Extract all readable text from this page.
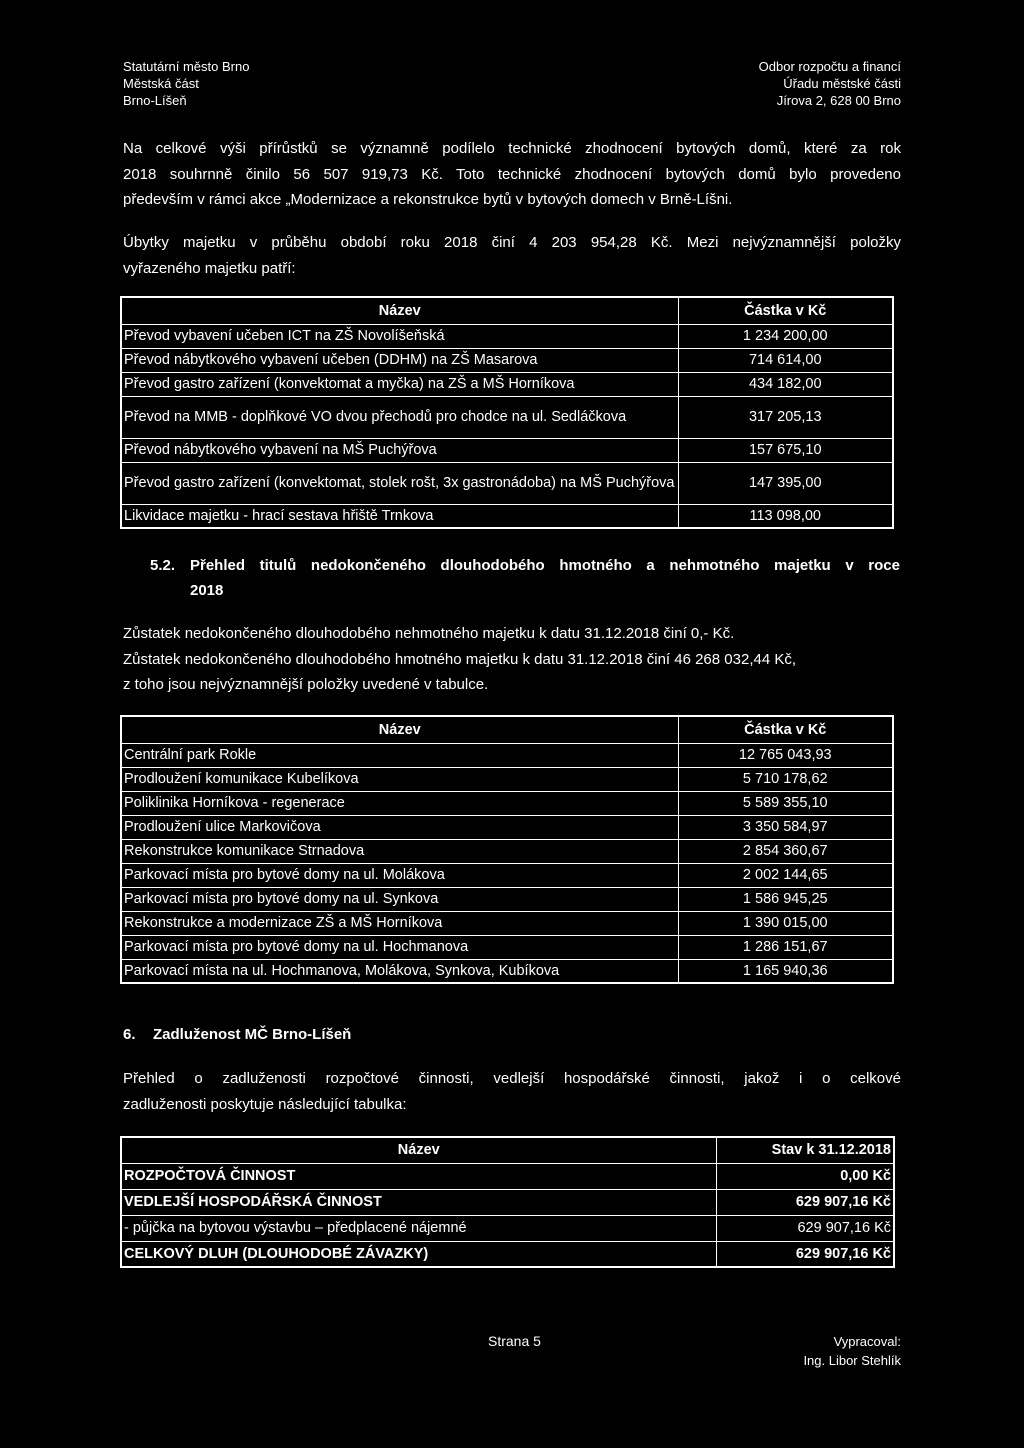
Statutární město Brno
Městská část
Brno-Líšeň
Odbor rozpočtu a financí
Úřadu městské části
Jírova 2, 628 00 Brno
Na celkové výši přírůstků se významně podílelo technické zhodnocení bytových domů, které za rok
2018 souhrnně činilo 56 507 919,73 Kč. Toto technické zhodnocení bytových domů bylo provedeno
především v rámci akce „Modernizace a rekonstrukce bytů v bytových domech v Brně-Líšni.
Úbytky majetku v průběhu období roku 2018 činí 4 203 954,28 Kč. Mezi nejvýznamnější položky
vyřazeného majetku patří:
Název	Částka v Kč
Převod vybavení učeben ICT na ZŠ Novolíšeňská	1 234 200,00
Převod nábytkového vybavení učeben (DDHM) na ZŠ Masarova	714 614,00
Převod gastro zařízení (konvektomat a myčka) na ZŠ a MŠ Horníkova	434 182,00
Převod na MMB - doplňkové VO dvou přechodů pro chodce na ul. Sedláčkova	317 205,13
Převod nábytkového vybavení na MŠ Puchýřova	157 675,10
Převod gastro zařízení (konvektomat, stolek rošt, 3x gastronádoba) na MŠ Puchýřova	147 395,00
Likvidace majetku - hrací sestava hřiště Trnkova	113 098,00
5.2. Přehled titulů nedokončeného dlouhodobého hmotného a nehmotného majetku v roce
2018
Zůstatek nedokončeného dlouhodobého nehmotného majetku k datu 31.12.2018 činí 0,- Kč.
Zůstatek nedokončeného dlouhodobého hmotného majetku k datu 31.12.2018 činí 46 268 032,44 Kč,
z toho jsou nejvýznamnější položky uvedené v tabulce.
Název	Částka v Kč
Centrální park Rokle	12 765 043,93
Prodloužení komunikace Kubelíkova	5 710 178,62
Poliklinika Horníkova - regenerace	5 589 355,10
Prodloužení ulice Markovičova	3 350 584,97
Rekonstrukce komunikace Strnadova	2 854 360,67
Parkovací místa pro bytové domy na ul. Molákova	2 002 144,65
Parkovací místa pro bytové domy na ul. Synkova	1 586 945,25
Rekonstrukce a modernizace ZŠ a MŠ Horníkova	1 390 015,00
Parkovací místa pro bytové domy na ul. Hochmanova	1 286 151,67
Parkovací místa na ul. Hochmanova, Molákova, Synkova, Kubíkova	1 165 940,36
6. Zadluženost MČ Brno-Líšeň
Přehled o zadluženosti rozpočtové činnosti, vedlejší hospodářské činnosti, jakož i o celkové
zadluženosti poskytuje následující tabulka:
Název	Stav k 31.12.2018
ROZPOČTOVÁ ČINNOST	0,00 Kč
VEDLEJŠÍ HOSPODÁŘSKÁ ČINNOST	629 907,16 Kč
- půjčka na bytovou výstavbu – předplacené nájemné	629 907,16 Kč
CELKOVÝ DLUH (DLOUHODOBÉ ZÁVAZKY)	629 907,16 Kč
Strana 5	Vypracoval:
Ing. Libor Stehlík
